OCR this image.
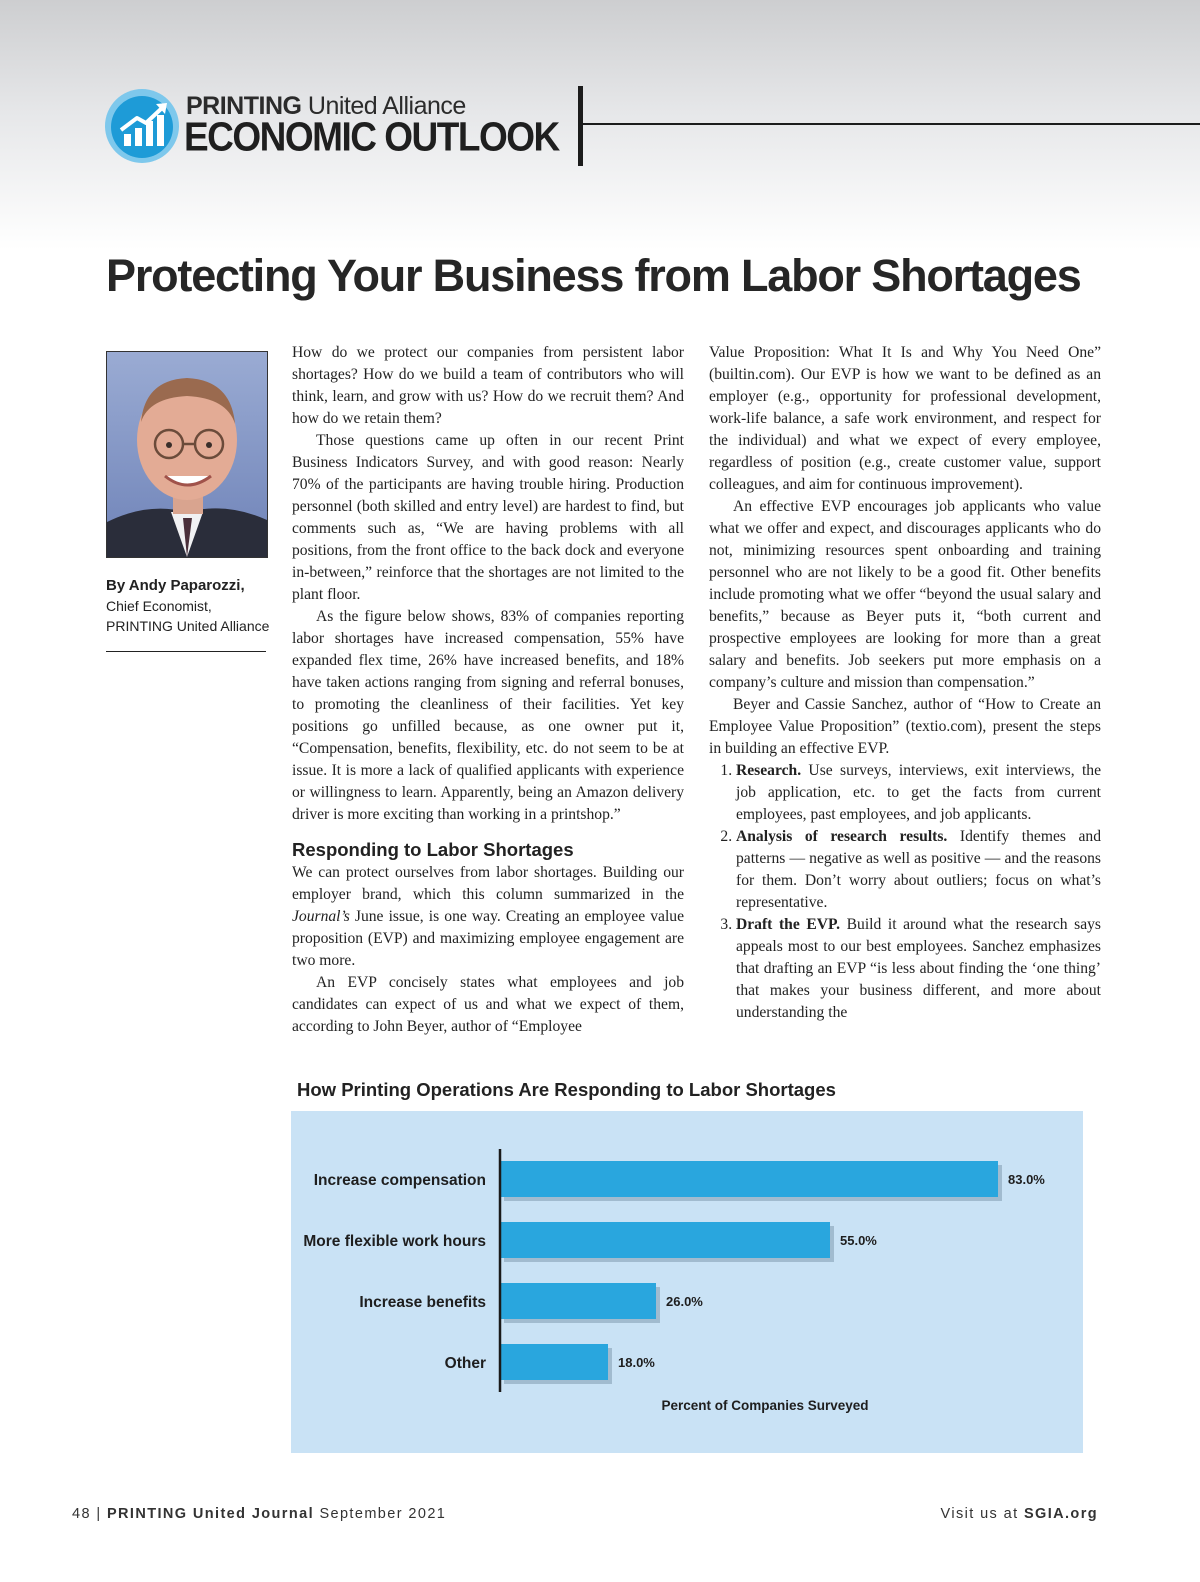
PRINTING United Alliance
ECONOMIC OUTLOOK
Protecting Your Business from Labor Shortages
By Andy Paparozzi,
Chief Economist,
PRINTING United Alliance

How do we protect our companies from persistent labor shortages? How do we build a team of contributors who will think, learn, and grow with us? How do we recruit them? And how do we retain them?

Those questions came up often in our recent Print Business Indicators Survey, and with good reason: Nearly 70% of the participants are having trouble hiring. Production personnel (both skilled and entry level) are hardest to find, but comments such as, “We are having problems with all positions, from the front office to the back dock and everyone in-between,” reinforce that the shortages are not limited to the plant floor.

As the figure below shows, 83% of companies reporting labor shortages have increased compensation, 55% have expanded flex time, 26% have increased benefits, and 18% have taken actions ranging from signing and referral bonuses, to promoting the cleanliness of their facilities. Yet key positions go unfilled because, as one owner put it, “Compensation, benefits, flexibility, etc. do not seem to be at issue. It is more a lack of qualified applicants with experience or willingness to learn. Apparently, being an Amazon delivery driver is more exciting than working in a printshop.”

Responding to Labor Shortages

We can protect ourselves from labor shortages. Building our employer brand, which this column summarized in the Journal’s June issue, is one way. Creating an employee value proposition (EVP) and maximizing employee engagement are two more.

An EVP concisely states what employees and job candidates can expect of us and what we expect of them, according to John Beyer, author of “Employee

Value Proposition: What It Is and Why You Need One” (builtin.com). Our EVP is how we want to be defined as an employer (e.g., opportunity for professional development, work-life balance, a safe work environment, and respect for the individual) and what we expect of every employee, regardless of position (e.g., create customer value, support colleagues, and aim for continuous improvement).

An effective EVP encourages job applicants who value what we offer and expect, and discourages applicants who do not, minimizing resources spent onboarding and training personnel who are not likely to be a good fit. Other benefits include promoting what we offer “beyond the usual salary and benefits,” because as Beyer puts it, “both current and prospective employees are looking for more than a great salary and benefits. Job seekers put more emphasis on a company’s culture and mission than compensation.”

Beyer and Cassie Sanchez, author of “How to Create an Employee Value Proposition” (textio.com), present the steps in building an effective EVP.

1. Research. Use surveys, interviews, exit interviews, the job application, etc. to get the facts from current employees, past employees, and job applicants.
2. Analysis of research results. Identify themes and patterns — negative as well as positive — and the reasons for them. Don’t worry about outliers; focus on what’s representative.
3. Draft the EVP. Build it around what the research says appeals most to our best employees. Sanchez emphasizes that drafting an EVP “is less about finding the ‘one thing’ that makes your business different, and more about understanding the
How Printing Operations Are Responding to Labor Shortages
Increase compensation	83.0%
More flexible work hours	55.0%
Increase benefits	26.0%
Other	18.0%
Percent of Companies Surveyed
48 | PRINTING United Journal September 2021	Visit us at SGIA.org
